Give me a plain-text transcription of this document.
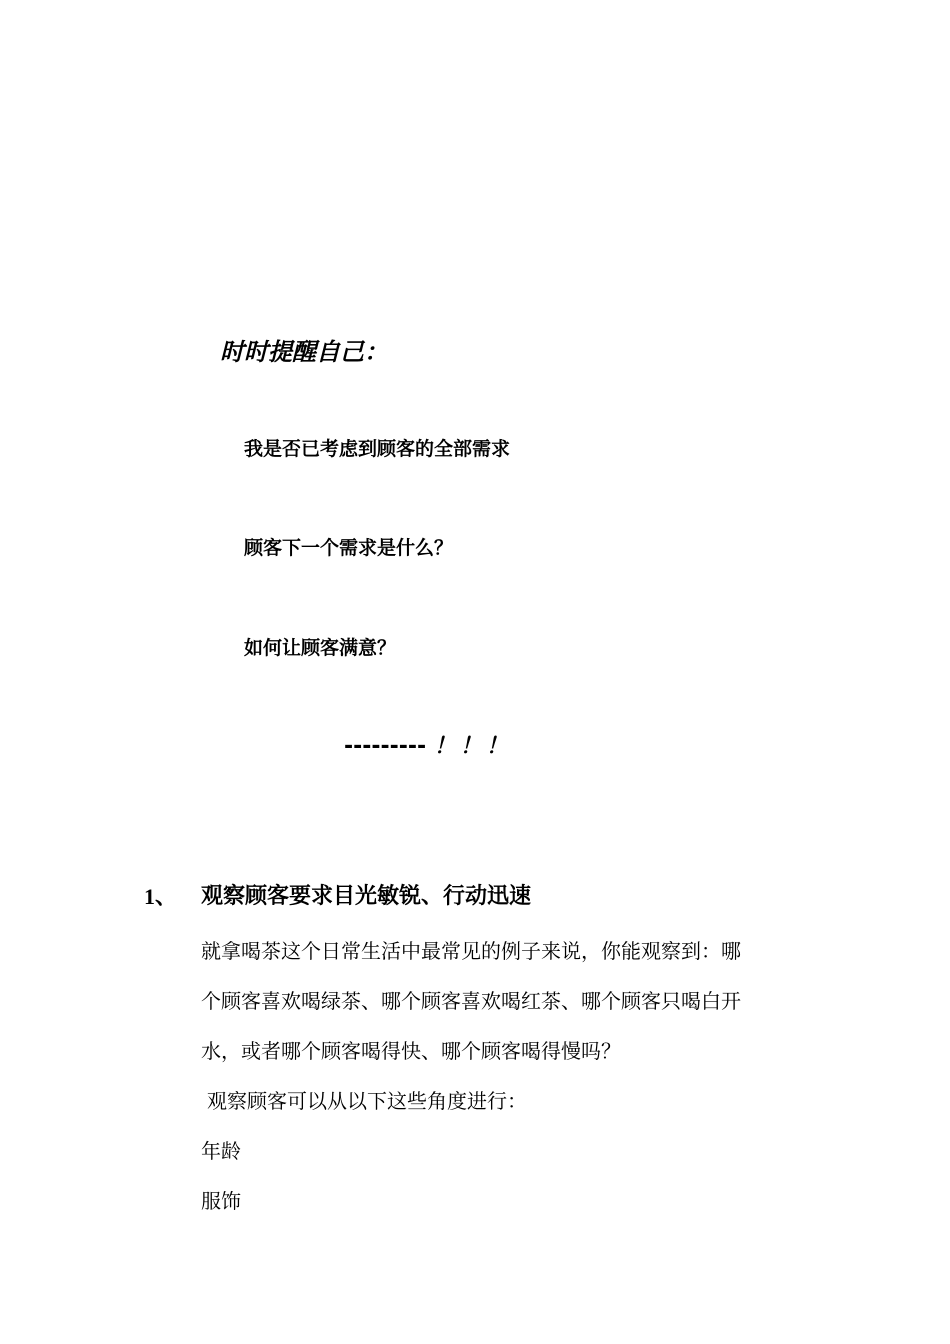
时时提醒自己：
我是否已考虑到顾客的全部需求
顾客下一个需求是什么？
如何让顾客满意？
--------- ！！！
1、 观察顾客要求目光敏锐、行动迅速
就拿喝茶这个日常生活中最常见的例子来说，你能观察到：哪
个顾客喜欢喝绿茶、哪个顾客喜欢喝红茶、哪个顾客只喝白开
水，或者哪个顾客喝得快、哪个顾客喝得慢吗？
观察顾客可以从以下这些角度进行：
年龄
服饰
